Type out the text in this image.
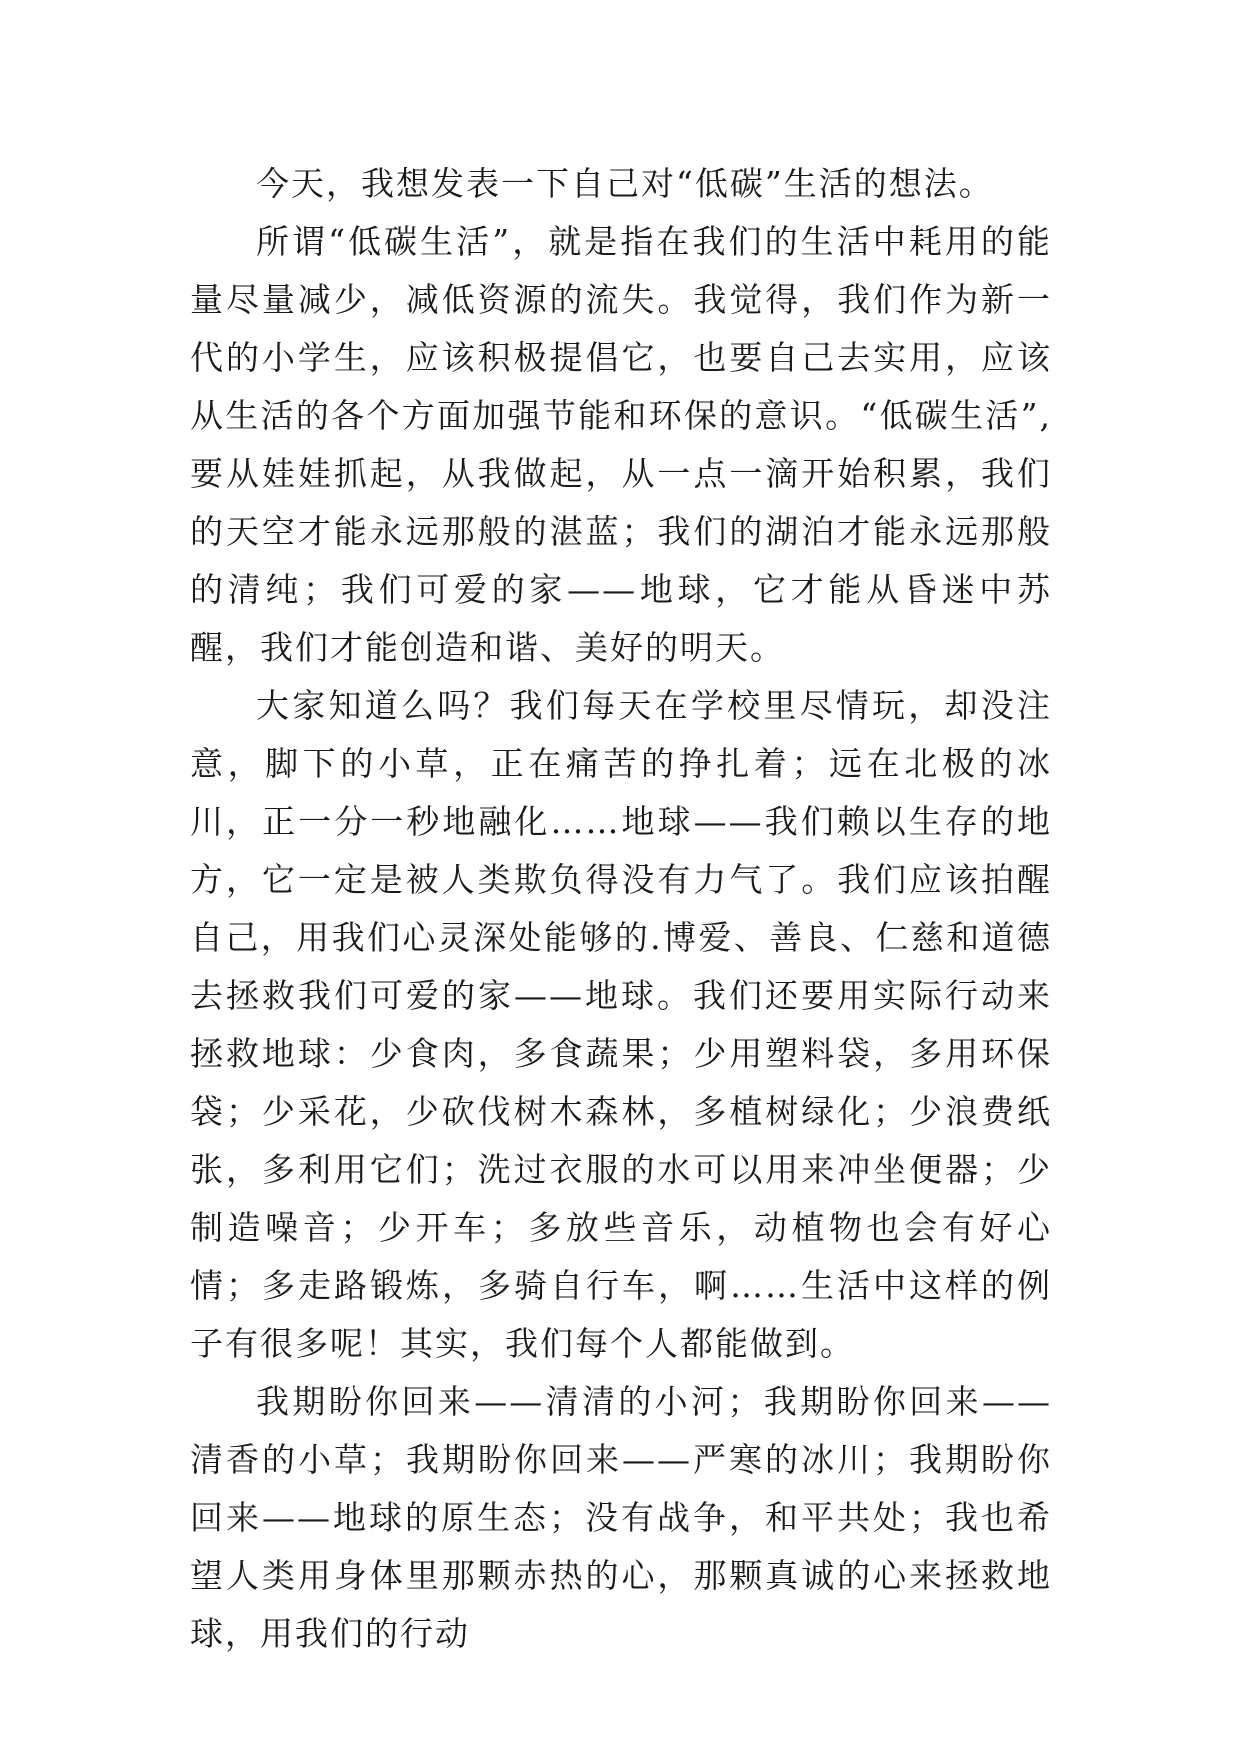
今天，我想发表一下自己对“低碳”生活的想法。

所谓“低碳生活”，就是指在我们的生活中耗用的能量尽量减少，减低资源的流失。我觉得，我们作为新一代的小学生，应该积极提倡它，也要自己去实用，应该从生活的各个方面加强节能和环保的意识。“低碳生活”,要从娃娃抓起，从我做起，从一点一滴开始积累，我们的天空才能永远那般的湛蓝；我们的湖泊才能永远那般的清纯；我们可爱的家——地球，它才能从昏迷中苏醒，我们才能创造和谐、美好的明天。

大家知道么吗？我们每天在学校里尽情玩，却没注意，脚下的小草，正在痛苦的挣扎着；远在北极的冰川，正一分一秒地融化……地球——我们赖以生存的地方，它一定是被人类欺负得没有力气了。我们应该拍醒自己，用我们心灵深处能够的.博爱、善良、仁慈和道德去拯救我们可爱的家——地球。我们还要用实际行动来拯救地球：少食肉，多食蔬果；少用塑料袋，多用环保袋；少采花，少砍伐树木森林，多植树绿化；少浪费纸张，多利用它们；洗过衣服的水可以用来冲坐便器；少制造噪音；少开车；多放些音乐，动植物也会有好心情；多走路锻炼，多骑自行车，啊……生活中这样的例子有很多呢！其实，我们每个人都能做到。

我期盼你回来——清清的小河；我期盼你回来——清香的小草；我期盼你回来——严寒的冰川；我期盼你回来——地球的原生态；没有战争，和平共处；我也希望人类用身体里那颗赤热的心，那颗真诚的心来拯救地球，用我们的行动
